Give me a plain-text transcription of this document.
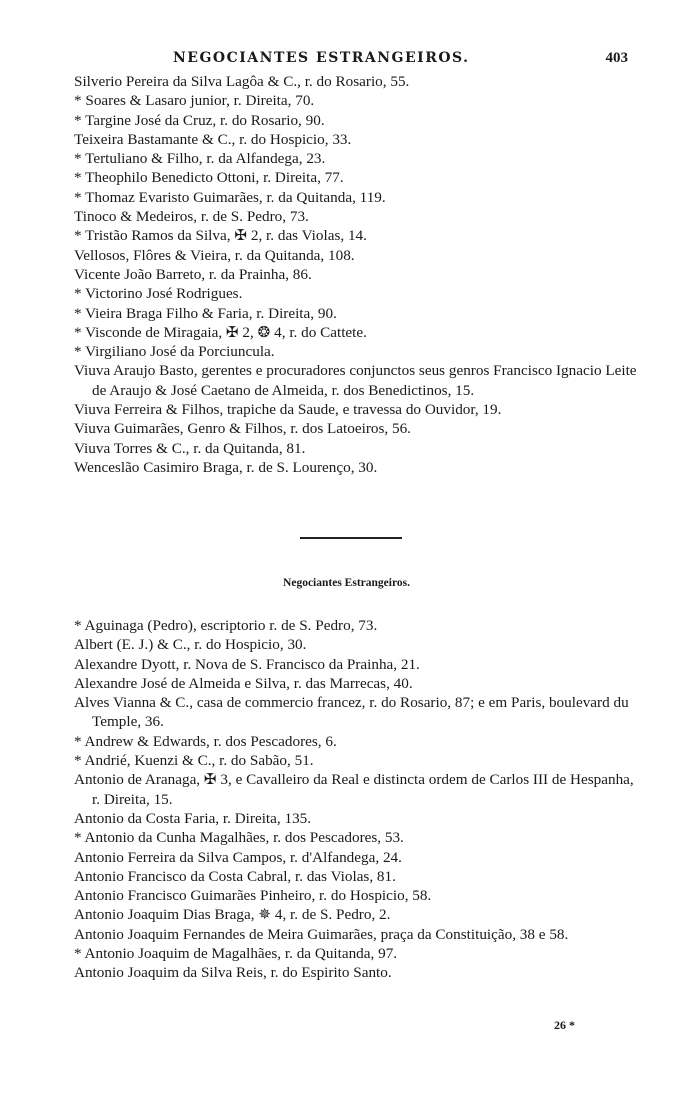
NEGOCIANTES ESTRANGEIROS.	403
Silverio Pereira da Silva Lagôa & C., r. do Rosario, 55.
* Soares & Lasaro junior, r. Direita, 70.
* Targine José da Cruz, r. do Rosario, 90.
Teixeira Bastamante & C., r. do Hospicio, 33.
* Tertuliano & Filho, r. da Alfandega, 23.
* Theophilo Benedicto Ottoni, r. Direita, 77.
* Thomaz Evaristo Guimarães, r. da Quitanda, 119.
Tinoco & Medeiros, r. de S. Pedro, 73.
* Tristão Ramos da Silva, ✠ 2, r. das Violas, 14.
Vellosos, Flôres & Vieira, r. da Quitanda, 108.
Vicente João Barreto, r. da Prainha, 86.
* Victorino José Rodrigues.
* Vieira Braga Filho & Faria, r. Direita, 90.
* Visconde de Miragaia, ✠ 2, ❂ 4, r. do Cattete.
* Virgiliano José da Porciuncula.
Viuva Araujo Basto, gerentes e procuradores conjunctos seus genros Francisco Ignacio Leite de Araujo & José Caetano de Almeida, r. dos Benedictinos, 15.
Viuva Ferreira & Filhos, trapiche da Saude, e travessa do Ouvidor, 19.
Viuva Guimarães, Genro & Filhos, r. dos Latoeiros, 56.
Viuva Torres & C., r. da Quitanda, 81.
Wenceslão Casimiro Braga, r. de S. Lourenço, 30.
Negociantes Estrangeiros.
* Aguinaga (Pedro), escriptorio r. de S. Pedro, 73.
Albert (E. J.) & C., r. do Hospicio, 30.
Alexandre Dyott, r. Nova de S. Francisco da Prainha, 21.
Alexandre José de Almeida e Silva, r. das Marrecas, 40.
Alves Vianna & C., casa de commercio francez, r. do Rosario, 87; e em Paris, boulevard du Temple, 36.
* Andrew & Edwards, r. dos Pescadores, 6.
* Andrié, Kuenzi & C., r. do Sabão, 51.
Antonio de Aranaga, ✠ 3, e Cavalleiro da Real e distincta ordem de Carlos III de Hespanha, r. Direita, 15.
Antonio da Costa Faria, r. Direita, 135.
* Antonio da Cunha Magalhães, r. dos Pescadores, 53.
Antonio Ferreira da Silva Campos, r. d'Alfandega, 24.
Antonio Francisco da Costa Cabral, r. das Violas, 81.
Antonio Francisco Guimarães Pinheiro, r. do Hospicio, 58.
Antonio Joaquim Dias Braga, ✵ 4, r. de S. Pedro, 2.
Antonio Joaquim Fernandes de Meira Guimarães, praça da Constituição, 38 e 58.
* Antonio Joaquim de Magalhães, r. da Quitanda, 97.
Antonio Joaquim da Silva Reis, r. do Espirito Santo.
26 *
